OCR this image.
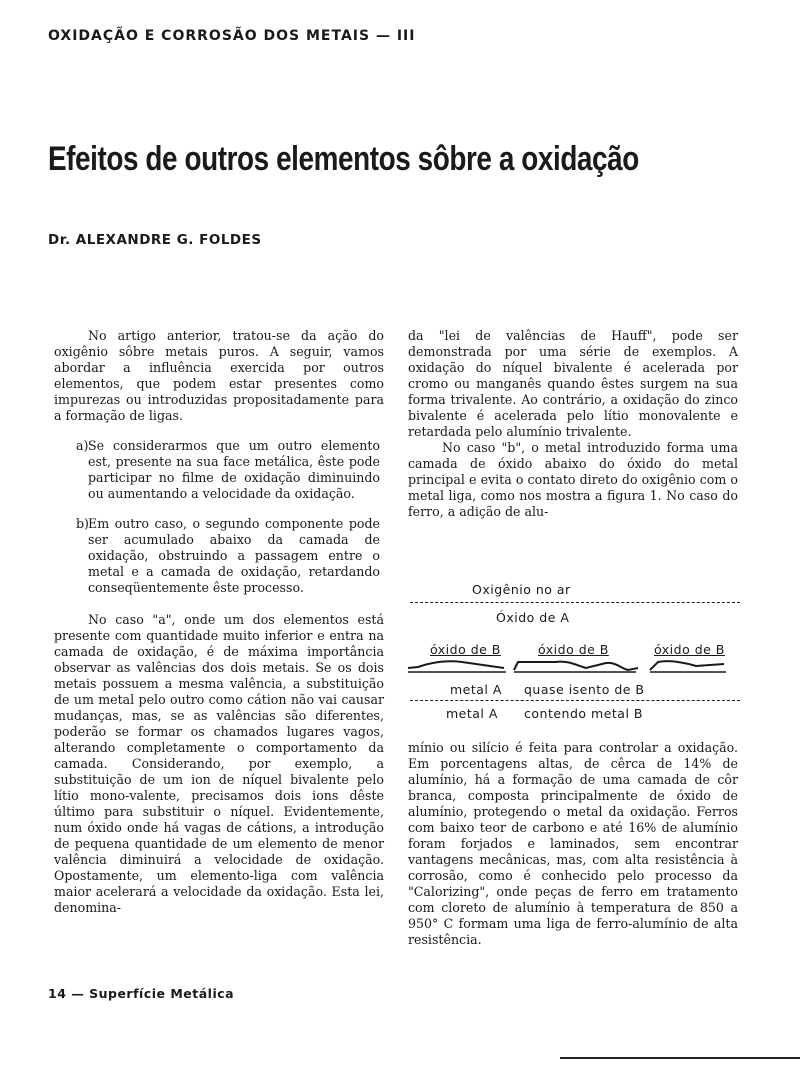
OXIDAÇÃO E CORROSÃO DOS METAIS — III
Efeitos de outros elementos sôbre a oxidação
Dr. ALEXANDRE G. FOLDES

No artigo anterior, tratou-se da ação do oxigênio sôbre metais puros. A seguir, vamos abordar a influência exercida por outros elementos, que podem estar presentes como impurezas ou introduzidas propositadamente para a formação de ligas.

a) Se considerarmos que um outro elemento est, presente na sua face metálica, êste pode participar no filme de oxidação diminuindo ou aumentando a velocidade da oxidação.
b) Em outro caso, o segundo componente pode ser acumulado abaixo da camada de oxidação, obstruindo a passagem entre o metal e a camada de oxidação, retardando conseqüentemente êste processo.

No caso "a", onde um dos elementos está presente com quantidade muito inferior e entra na camada de oxidação, é de máxima importância observar as valências dos dois metais. Se os dois metais possuem a mesma valência, a substituição de um metal pelo outro como cátion não vai causar mudanças, mas, se as valências são diferentes, poderão se formar os chamados lugares vagos, alterando completamente o comportamento da camada. Considerando, por exemplo, a substituição de um ion de níquel bivalente pelo lítio mono-valente, precisamos dois ions dêste último para substituir o níquel. Evidentemente, num óxido onde há vagas de cátions, a introdução de pequena quantidade de um elemento de menor valência diminuirá a velocidade de oxidação. Opostamente, um elemento-liga com valência maior acelerará a velocidade da oxidação. Esta lei, denomina-

da "lei de valências de Hauff", pode ser demonstrada por uma série de exemplos. A oxidação do níquel bivalente é acelerada por cromo ou manganês quando êstes surgem na sua forma trivalente. Ao contrário, a oxidação do zinco bivalente é acelerada pelo lítio monovalente e retardada pelo alumínio trivalente.

No caso "b", o metal introduzido forma uma camada de óxido abaixo do óxido do metal principal e evita o contato direto do oxigênio com o metal liga, como nos mostra a figura 1. No caso do ferro, a adição de alu-

Oxigênio no ar
Óxido de A
óxido de B	óxido de B	óxido de B
metal A quase isento de B
metal A contendo metal B

mínio ou silício é feita para controlar a oxidação. Em porcentagens altas, de cêrca de 14% de alumínio, há a formação de uma camada de côr branca, composta principalmente de óxido de alumínio, protegendo o metal da oxidação. Ferros com baixo teor de carbono e até 16% de alumínio foram forjados e laminados, sem encontrar vantagens mecânicas, mas, com alta resistência à corrosão, como é conhecido pelo processo da "Calorizing", onde peças de ferro em tratamento com cloreto de alumínio à temperatura de 850 a 950° C formam uma liga de ferro-alumínio de alta resistência.

14 — Superfície Metálica
